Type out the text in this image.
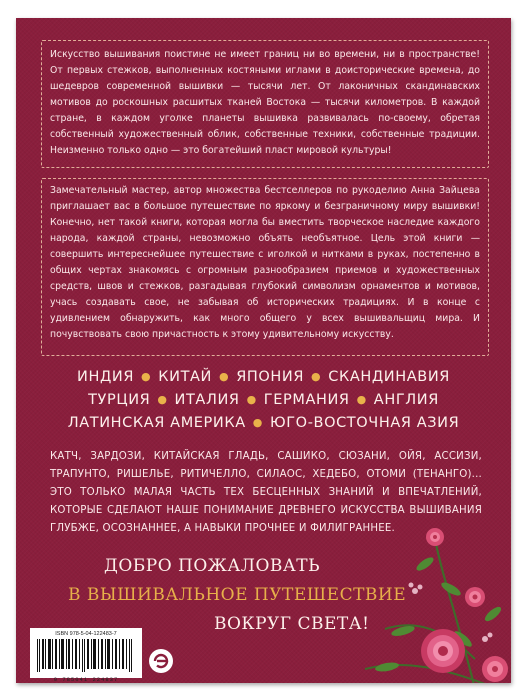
Искусство вышивания поистине не имеет границ ни во времени, ни в пространстве! От первых стежков, выполненных костяными иглами в доисторические времена, до шедевров современной вышивки — тысячи лет. От лаконичных скандинавских мотивов до роскошных расшитых тканей Востока — тысячи километров. В каждой стране, в каждом уголке планеты вышивка развивалась по-своему, обретая собственный художественный облик, собственные техники, собственные традиции. Неизменно только одно — это богатейший пласт мировой культуры!

Замечательный мастер, автор множества бестселлеров по рукоделию Анна Зайцева приглашает вас в большое путешествие по яркому и безграничному миру вышивки! Конечно, нет такой книги, которая могла бы вместить творческое наследие каждого народа, каждой страны, невозможно объять необъятное. Цель этой книги — совершить интереснейшее путешествие с иголкой и нитками в руках, постепенно в общих чертах знакомясь с огромным разнообразием приемов и художественных средств, швов и стежков, разгадывая глубокий символизм орнаментов и мотивов, учась создавать свое, не забывая об исторических традициях. И в конце с удивлением обнаружить, как много общего у всех вышивальщиц мира. И почувствовать свою причастность к этому удивительному искусству.

ИНДИЯ ● КИТАЙ ● ЯПОНИЯ ● СКАНДИНАВИЯ
ТУРЦИЯ ● ИТАЛИЯ ● ГЕРМАНИЯ ● АНГЛИЯ
ЛАТИНСКАЯ АМЕРИКА ● ЮГО-ВОСТОЧНАЯ АЗИЯ
КАТЧ, ЗАРДОЗИ, КИТАЙСКАЯ ГЛАДЬ, САШИКО, СЮЗАНИ, ОЙЯ, АССИЗИ, ТРАПУНТО, РИШЕЛЬЕ, РИТИЧЕЛЛО, СИЛАОС, ХЕДЕБО, ОТОМИ (ТЕНАНГО)... ЭТО ТОЛЬКО МАЛАЯ ЧАСТЬ ТЕХ БЕСЦЕННЫХ ЗНАНИЙ И ВПЕЧАТЛЕНИЙ, КОТОРЫЕ СДЕЛАЮТ НАШЕ ПОНИМАНИЕ ДРЕВНЕГО ИСКУССТВА ВЫШИВАНИЯ ГЛУБЖЕ, ОСОЗНАННЕЕ, А НАВЫКИ ПРОЧНЕЕ И ФИЛИГРАННЕЕ.
ДОБРО ПОЖАЛОВАТЬ
В ВЫШИВАЛЬНОЕ ПУТЕШЕСТВИЕ
ВОКРУГ СВЕТА!
ISBN 978-5-04-122483-7
9 785041 224837
